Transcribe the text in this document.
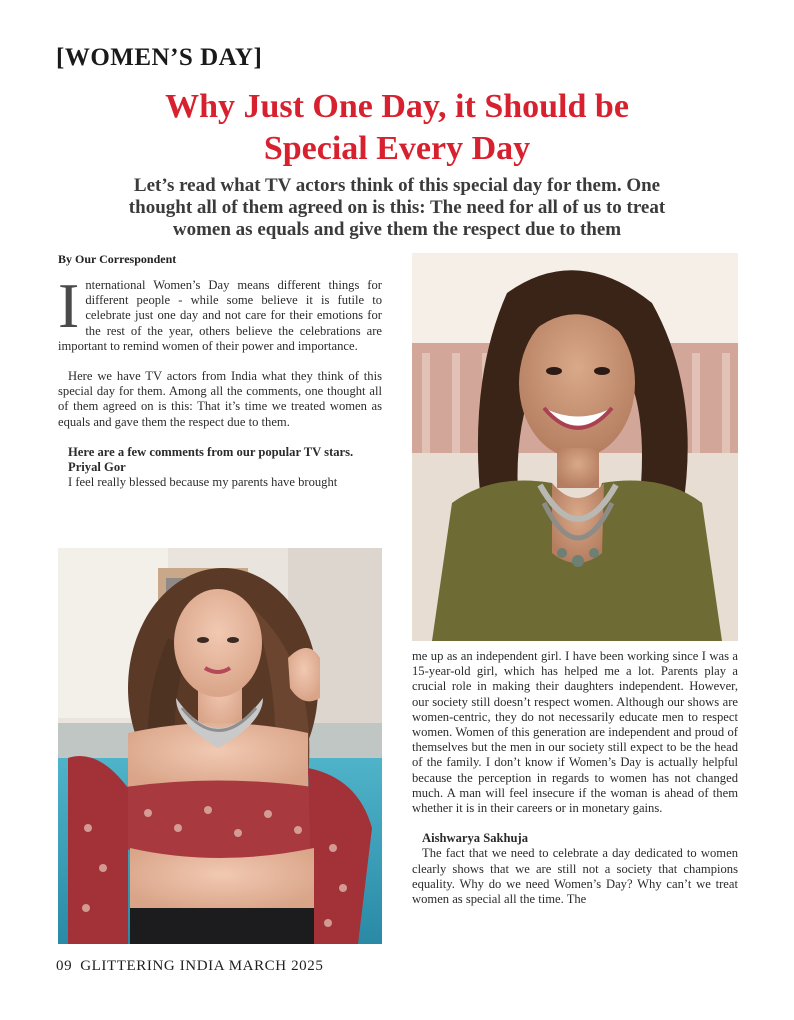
[WOMEN’S DAY]
Why Just One Day, it Should be
Special Every Day
Let’s read what TV actors think of this special day for them. One
thought all of them agreed on is this: The need for all of us to treat
women as equals and give them the respect due to them
By Our Correspondent

International Women’s Day means different things for different people - while some believe it is futile to celebrate just one day and not care for their emotions for the rest of the year, others believe the celebrations are important to remind women of their power and importance.

Here we have TV actors from India what they think of this special day for them. Among all the comments, one thought all of them agreed on is this: That it’s time we treated women as equals and gave them the respect due to them.

Here are a few comments from our popular TV stars.

Priyal Gor

I feel really blessed because my parents have brought

me up as an independent girl. I have been working since I was a 15-year-old girl, which has helped me a lot. Parents play a crucial role in making their daughters independent. However, our society still doesn’t respect women. Although our shows are women-centric, they do not necessarily educate men to respect women. Women of this generation are independent and proud of themselves but the men in our society still expect to be the head of the family. I don’t know if Women’s Day is actually helpful because the perception in regards to women has not changed much. A man will feel insecure if the woman is ahead of them whether it is in their careers or in monetary gains.

Aishwarya Sakhuja

The fact that we need to celebrate a day dedicated to women clearly shows that we are still not a society that champions equality. Why do we need Women’s Day? Why can’t we treat women as special all the time. The

09 GLITTERING INDIA MARCH 2025
